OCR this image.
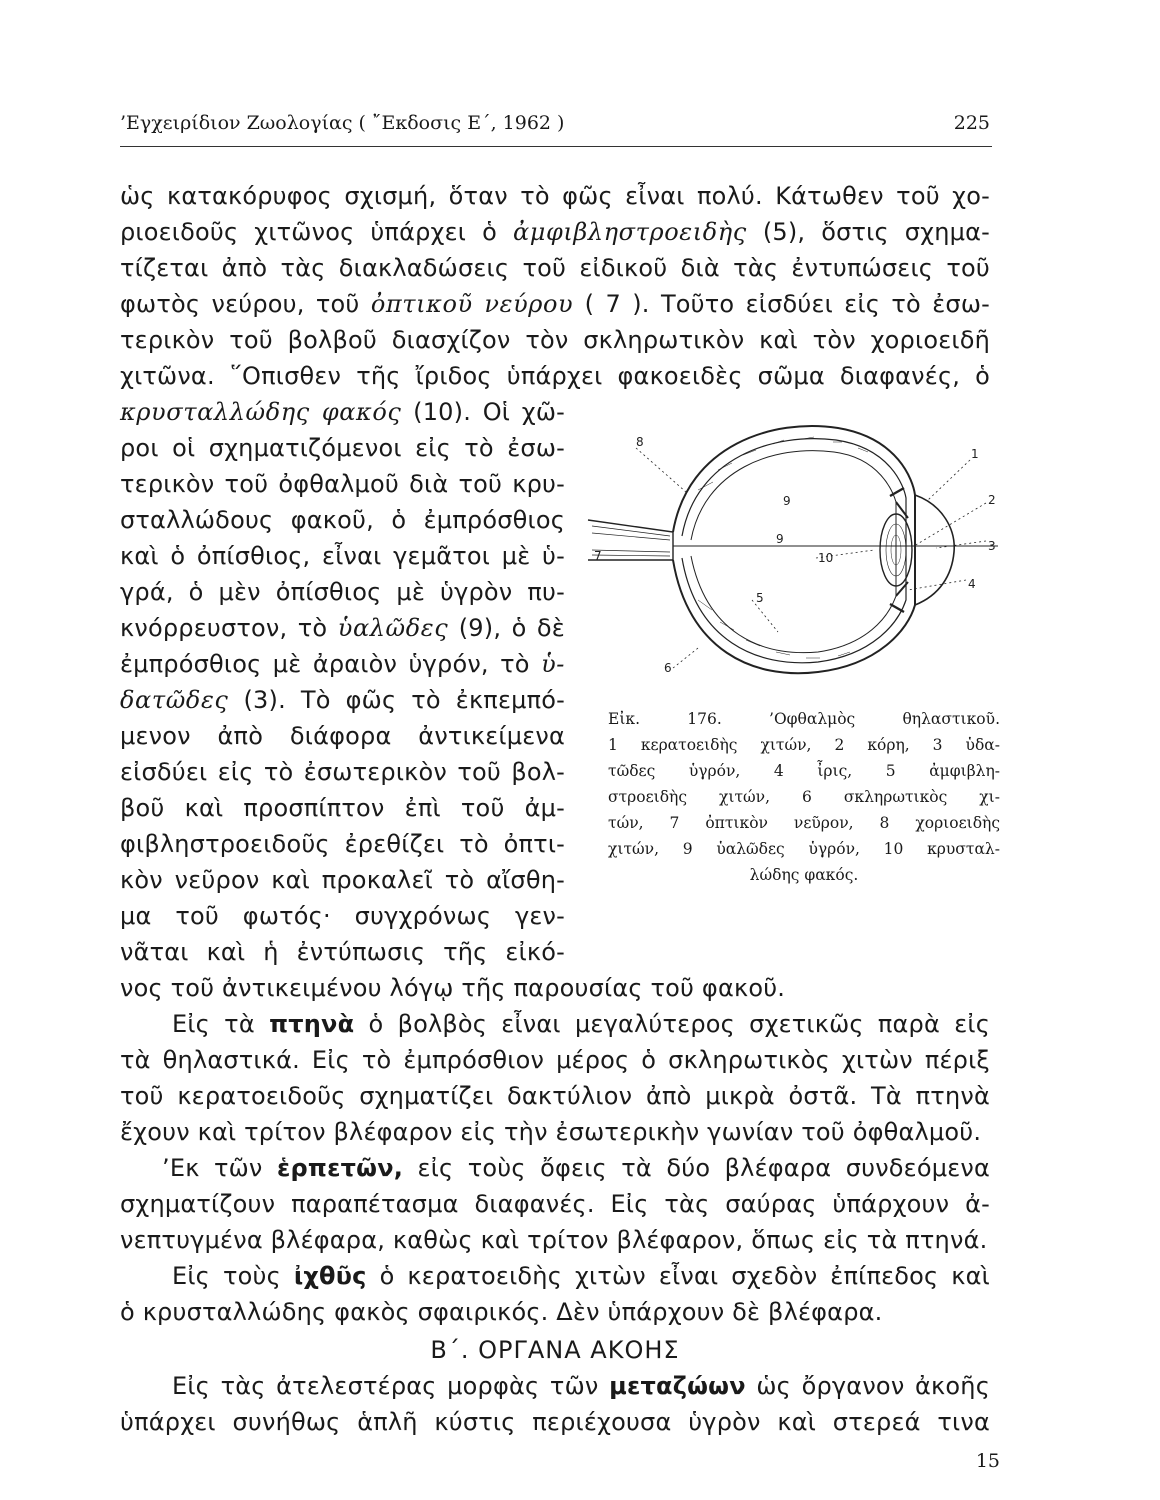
’Εγχειρίδιον Ζωολογίας ( ῎Εκδοσις Ε΄, 1962 )	225
ὡς κατακόρυφος σχισμή, ὅταν τὸ φῶς εἶναι πολύ. Κάτωθεν τοῦ χο-
ριοειδοῦς χιτῶνος ὑπάρχει ὁ ἀμφιβληστροειδὴς (5), ὅστις σχημα-
τίζεται ἀπὸ τὰς διακλαδώσεις τοῦ εἰδικοῦ διὰ τὰς ἐντυπώσεις τοῦ
φωτὸς νεύρου, τοῦ ὀπτικοῦ νεύρου ( 7 ). Τοῦτο εἰσδύει εἰς τὸ ἐσω-
τερικὸν τοῦ βολβοῦ διασχίζον τὸν σκληρωτικὸν καὶ τὸν χοριοειδῆ
χιτῶνα. ῞Οπισθεν τῆς ἴριδος ὑπάρχει φακοειδὲς σῶμα διαφανές, ὁ
κρυσταλλώδης φακός (10). Οἱ χῶ-
ροι οἱ σχηματιζόμενοι εἰς τὸ ἐσω-
τερικὸν τοῦ ὀφθαλμοῦ διὰ τοῦ κρυ-
σταλλώδους φακοῦ, ὁ ἐμπρόσθιος
καὶ ὁ ὀπίσθιος, εἶναι γεμᾶτοι μὲ ὑ-
γρά, ὁ μὲν ὀπίσθιος μὲ ὑγρὸν πυ-
κνόρρευστον, τὸ ὑαλῶδες (9), ὁ δὲ
ἐμπρόσθιος μὲ ἀραιὸν ὑγρόν, τὸ ὑ-
δατῶδες (3). Τὸ φῶς τὸ ἐκπεμπό-
μενον ἀπὸ διάφορα ἀντικείμενα
εἰσδύει εἰς τὸ ἐσωτερικὸν τοῦ βολ-
βοῦ καὶ προσπίπτον ἐπὶ τοῦ ἀμ-
φιβληστροειδοῦς ἐρεθίζει τὸ ὀπτι-
κὸν νεῦρον καὶ προκαλεῖ τὸ αἴσθη-
μα τοῦ φωτός· συγχρόνως γεν-
νᾶται καὶ ἡ ἐντύπωσις τῆς εἰκό-
νος τοῦ ἀντικειμένου λόγῳ τῆς παρουσίας τοῦ φακοῦ.
Εἰς τὰ πτηνὰ ὁ βολβὸς εἶναι μεγαλύτερος σχετικῶς παρὰ εἰς
τὰ θηλαστικά. Εἰς τὸ ἐμπρόσθιον μέρος ὁ σκληρωτικὸς χιτὼν πέριξ
τοῦ κερατοειδοῦς σχηματίζει δακτύλιον ἀπὸ μικρὰ ὀστᾶ. Τὰ πτηνὰ
ἔχουν καὶ τρίτον βλέφαρον εἰς τὴν ἐσωτερικὴν γωνίαν τοῦ ὀφθαλμοῦ.
’Εκ τῶν ἑρπετῶν, εἰς τοὺς ὄφεις τὰ δύο βλέφαρα συνδεόμενα
σχηματίζουν παραπέτασμα διαφανές. Εἰς τὰς σαύρας ὑπάρχουν ἀ-
νεπτυγμένα βλέφαρα, καθὼς καὶ τρίτον βλέφαρον, ὅπως εἰς τὰ πτηνά.
Εἰς τοὺς ἰχθῦς ὁ κερατοειδὴς χιτὼν εἶναι σχεδὸν ἐπίπεδος καὶ
ὁ κρυσταλλώδης φακὸς σφαιρικός. Δὲν ὑπάρχουν δὲ βλέφαρα.
Β΄. ΟΡΓΑΝΑ ΑΚΟΗΣ
Εἰς τὰς ἀτελεστέρας μορφὰς τῶν μεταζώων ὡς ὄργανον ἀκοῆς
ὑπάρχει συνήθως ἁπλῆ κύστις περιέχουσα ὑγρὸν καὶ στερεά τινα
1
2
3
4
5
6
7
8
9
9
10
Εἰκ. 176. ’Οφθαλμὸς θηλαστικοῦ.
1 κερατοειδὴς χιτών, 2 κόρη, 3 ὑδα-
τῶδες ὑγρόν, 4 ἶρις, 5 ἀμφιβλη-
στροειδὴς χιτών, 6 σκληρωτικὸς χι-
τών, 7 ὀπτικὸν νεῦρον, 8 χοριοειδὴς
χιτών, 9 ὑαλῶδες ὑγρόν, 10 κρυσταλ-
λώδης φακός.
15
